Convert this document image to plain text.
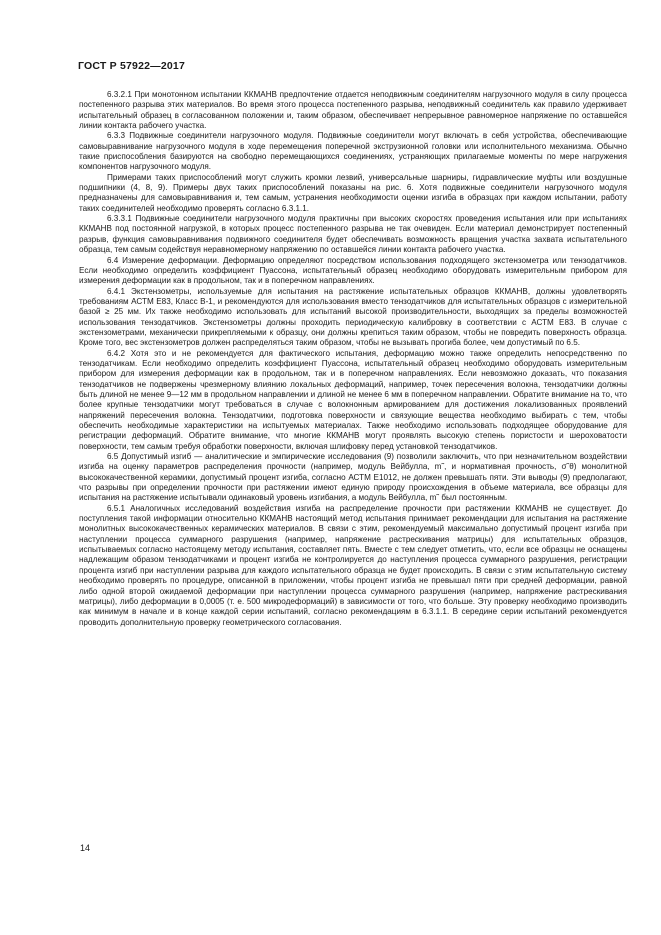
ГОСТ Р 57922—2017

6.3.2.1 При монотонном испытании ККМАНВ предпочтение отдается неподвижным соединителям нагрузочного модуля в силу процесса постепенного разрыва этих материалов. Во время этого процесса постепенного разрыва, неподвижный соединитель как правило удерживает испытательный образец в согласованном положении и, таким образом, обеспечивает непрерывное равномерное напряжение по оставшейся линии контакта рабочего участка.

6.3.3 Подвижные соединители нагрузочного модуля. Подвижные соединители могут включать в себя устройства, обеспечивающие самовыравнивание нагрузочного модуля в ходе перемещения поперечной экструзионной головки или исполнительного механизма. Обычно такие приспособления базируются на свободно перемещающихся соединениях, устраняющих прилагаемые моменты по мере нагружения компонентов нагрузочного модуля.

Примерами таких приспособлений могут служить кромки лезвий, универсальные шарниры, гидравлические муфты или воздушные подшипники (4, 8, 9). Примеры двух таких приспособлений показаны на рис. 6. Хотя подвижные соединители нагрузочного модуля предназначены для самовыравнивания и, тем самым, устранения необходимости оценки изгиба в образцах при каждом испытании, работу таких соединителей необходимо проверять согласно 6.3.1.1.

6.3.3.1 Подвижные соединители нагрузочного модуля практичны при высоких скоростях проведения испытания или при испытаниях ККМАНВ под постоянной нагрузкой, в которых процесс постепенного разрыва не так очевиден. Если материал демонстрирует постепенный разрыв, функция самовыравнивания подвижного соединителя будет обеспечивать возможность вращения участка захвата испытательного образца, тем самым содействуя неравномерному напряжению по оставшейся линии контакта рабочего участка.

6.4 Измерение деформации. Деформацию определяют посредством использования подходящего экстензометра или тензодатчиков. Если необходимо определить коэффициент Пуассона, испытательный образец необходимо оборудовать измерительным прибором для измерения деформации как в продольном, так и в поперечном направлениях.

6.4.1 Экстензометры, используемые для испытания на растяжение испытательных образцов ККМАНВ, должны удовлетворять требованиям АСТМ Е83, Класс В-1, и рекомендуются для использования вместо тензодатчиков для испытательных образцов с измерительной базой ≥ 25 мм. Их также необходимо использовать для испытаний высокой производительности, выходящих за пределы возможностей использования тензодатчиков. Экстензометры должны проходить периодическую калибровку в соответствии с АСТМ Е83. В случае с экстензометрами, механически прикрепляемыми к образцу, они должны крепиться таким образом, чтобы не повредить поверхность образца. Кроме того, вес экстензометров должен распределяться таким образом, чтобы не вызывать прогиба более, чем допустимый по 6.5.

6.4.2 Хотя это и не рекомендуется для фактического испытания, деформацию можно также определить непосредственно по тензодатчикам. Если необходимо определить коэффициент Пуассона, испытательный образец необходимо оборудовать измерительным прибором для измерения деформации как в продольном, так и в поперечном направлениях. Если невозможно доказать, что показания тензодатчиков не подвержены чрезмерному влиянию локальных деформаций, например, точек пересечения волокна, тензодатчики должны быть длиной не менее 9—12 мм в продольном направлении и длиной не менее 6 мм в поперечном направлении. Обратите внимание на то, что более крупные тензодатчики могут требоваться в случае с волокнонным армированием для достижения локализованных проявлений напряжений пересечения волокна. Тензодатчики, подготовка поверхности и связующие вещества необходимо выбирать с тем, чтобы обеспечить необходимые характеристики на испытуемых материалах. Также необходимо использовать подходящее оборудование для регистрации деформаций. Обратите внимание, что многие ККМАНВ могут проявлять высокую степень пористости и шероховатости поверхности, тем самым требуя обработки поверхности, включая шлифовку перед установкой тензодатчиков.

6.5 Допустимый изгиб — аналитические и эмпирические исследования (9) позволили заключить, что при незначительном воздействии изгиба на оценку параметров распределения прочности (например, модуль Вейбулла, m˜, и нормативная прочность, σ˜θ) монолитной высококачественной керамики, допустимый процент изгиба, согласно АСТМ Е1012, не должен превышать пяти. Эти выводы (9) предполагают, что разрывы при определении прочности при растяжении имеют единую природу происхождения в объеме материала, все образцы для испытания на растяжение испытывали одинаковый уровень изгибания, а модуль Вейбулла, m˜ был постоянным.

6.5.1 Аналогичных исследований воздействия изгиба на распределение прочности при растяжении ККМАНВ не существует. До поступления такой информации относительно ККМАНВ настоящий метод испытания принимает рекомендации для испытания на растяжение монолитных высококачественных керамических материалов. В связи с этим, рекомендуемый максимально допустимый процент изгиба при наступлении процесса суммарного разрушения (например, напряжение растрескивания матрицы) для испытательных образцов, испытываемых согласно настоящему методу испытания, составляет пять. Вместе с тем следует отметить, что, если все образцы не оснащены надлежащим образом тензодатчиками и процент изгиба не контролируется до наступления процесса суммарного разрушения, регистрации процента изгиб при наступлении разрыва для каждого испытательного образца не будет происходить. В связи с этим испытательную систему необходимо проверять по процедуре, описанной в приложении, чтобы процент изгиба не превышал пяти при средней деформации, равной либо одной второй ожидаемой деформации при наступлении процесса суммарного разрушения (например, напряжение растрескивания матрицы), либо деформации в 0,0005 (т. е. 500 микродеформаций) в зависимости от того, что больше. Эту проверку необходимо производить как минимум в начале и в конце каждой серии испытаний, согласно рекомендациям в 6.3.1.1. В середине серии испытаний рекомендуется проводить дополнительную проверку геометрического согласования.

14
